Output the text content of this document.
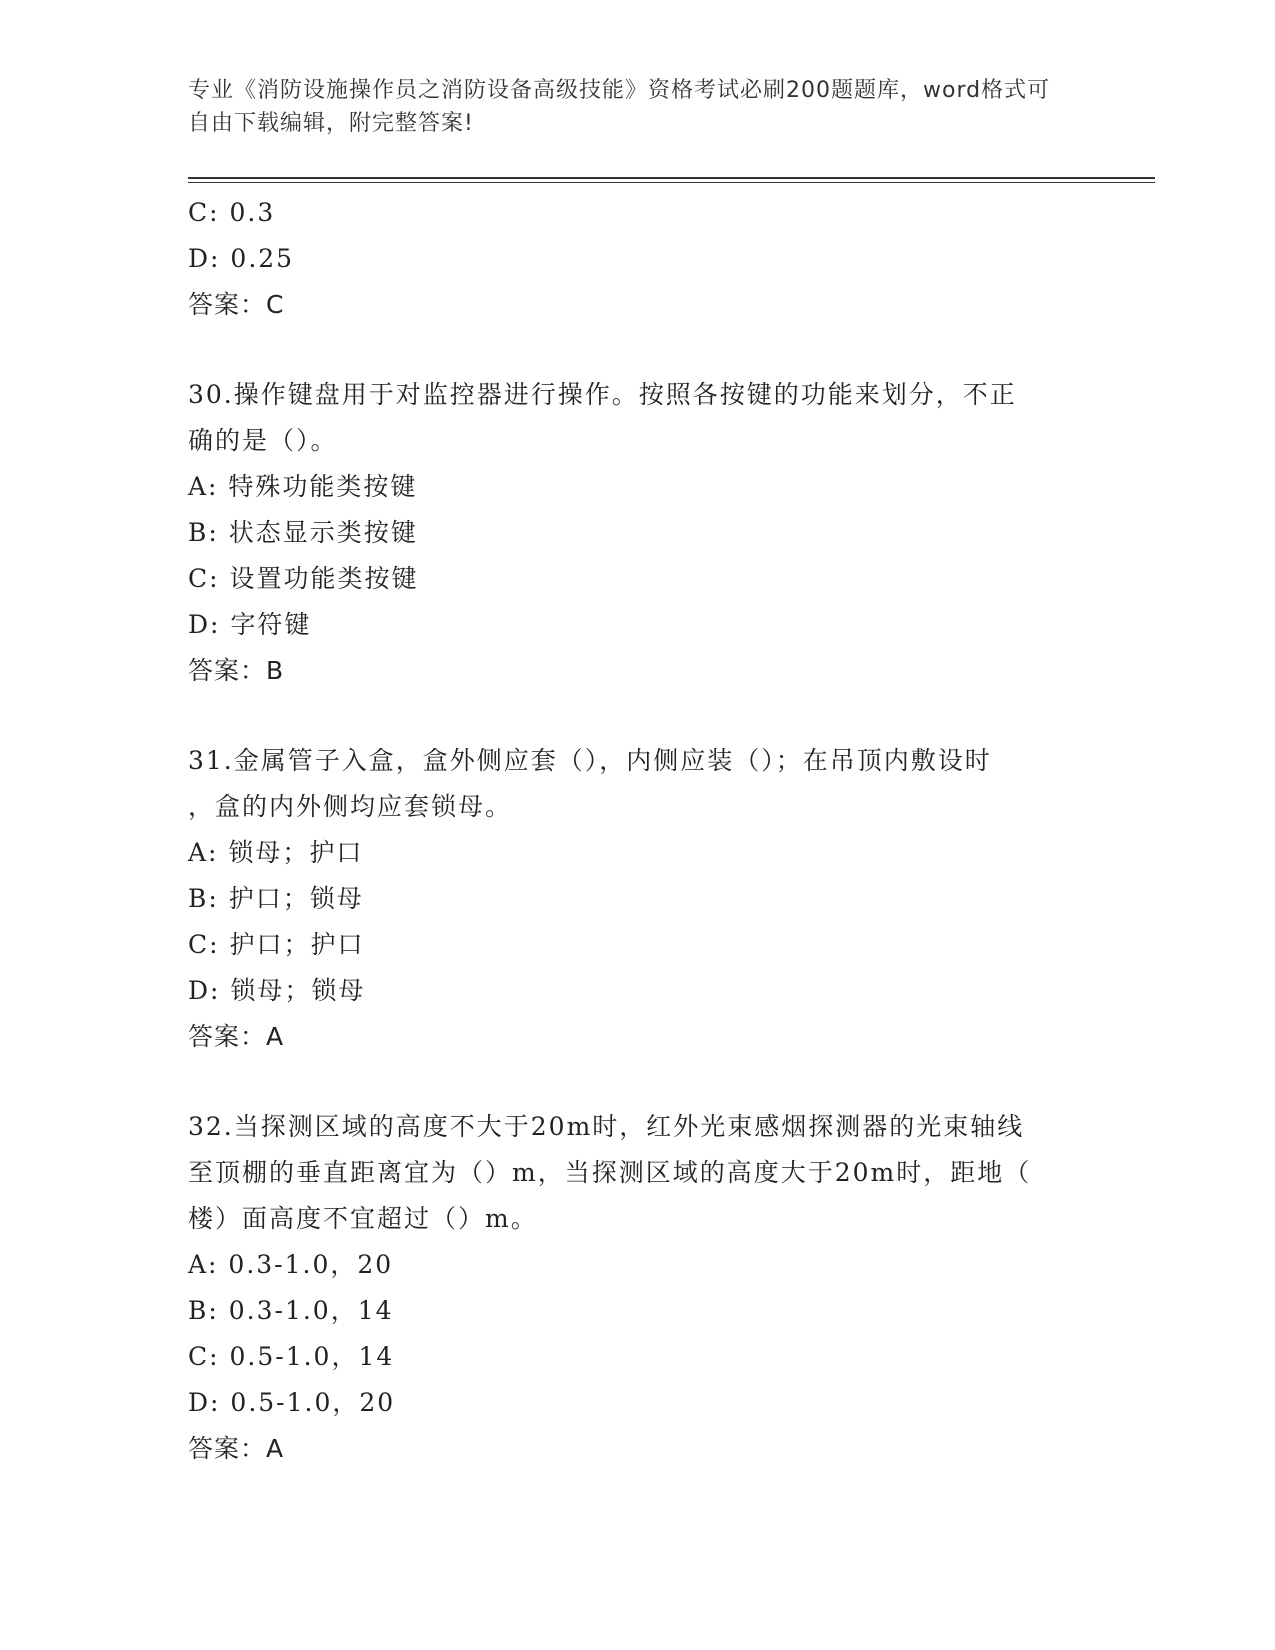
专业《消防设施操作员之消防设备高级技能》资格考试必刷200题题库，word格式可自由下载编辑，附完整答案!
C: 0.3
D: 0.25
答案：C
30.操作键盘用于对监控器进行操作。按照各按键的功能来划分，不正
确的是（）。
A: 特殊功能类按键
B: 状态显示类按键
C: 设置功能类按键
D: 字符键
答案：B
31.金属管子入盒，盒外侧应套（），内侧应装（）；在吊顶内敷设时
，盒的内外侧均应套锁母。
A: 锁母；护口
B: 护口；锁母
C: 护口；护口
D: 锁母；锁母
答案：A
32.当探测区域的高度不大于20m时，红外光束感烟探测器的光束轴线
至顶棚的垂直距离宜为（）m，当探测区域的高度大于20m时，距地（
楼）面高度不宜超过（）m。
A: 0.3-1.0，20
B: 0.3-1.0，14
C: 0.5-1.0，14
D: 0.5-1.0，20
答案：A
